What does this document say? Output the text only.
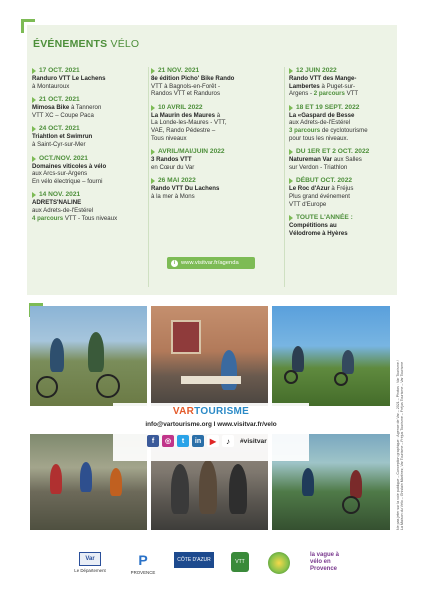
ÉVÉNEMENTS VÉLO
17 OCT. 2021
Randuro VTT Le Lachens
à Montauroux
21 OCT. 2021
Mimosa Bike à Tanneron
VTT XC – Coupe Paca
24 OCT. 2021
Triahtlon et Swimrun
à Saint-Cyr-sur-Mer
OCT./NOV. 2021
Domaines viticoles à vélo
aux Arcs-sur-Argens
En vélo électrique – fourni
14 NOV. 2021
ADRETS'NALINE
aux Adrets-de-l'Estérel
4 parcours VTT - Tous niveaux
21 NOV. 2021
8e édition Picho' Bike Rando
VTT à Bagnols-en-Forêt -
Randos VTT et Randuros
10 AVRIL 2022
La Maurin des Maures à
La Londe-les-Maures - VTT,
VAE, Rando Pédestre –
Tous niveaux
AVRIL/MAI/JUIN 2022
3 Randos VTT
en Cœur du Var
26 MAI 2022
Rando VTT Du Lachens
à la mer à Mons
12 JUIN 2022
Rando VTT des Mange-
Lambertes à Puget-sur-
Argens - 2 parcours VTT
18 ET 19 SEPT. 2022
La «Gaspard de Besse
aux Adrets-de-l'Estérel
3 parcours de cyclotourisme
pour tous les niveaux.
DU 1ER ET 2 OCT. 2022
Natureman Var aux Salles
sur Verdon - Triathlon
DÉBUT OCT. 2022
Le Roc d'Azur à Fréjus
Plus grand événement
VTT d'Europe
TOUTE L'ANNÉE :
Compétitions au
Vélodrome à Hyères
i	www.visitvar.fr/agenda
VARTOURISME
info@vartourisme.org I www.visitvar.fr/velo
f	◎	t	in	▶	♪	#visitvar	Ne pas jeter sur la voie publique – Conception graphique : Agence de Var – 2021 – Photos : Var Tourisme /
La Maison du Vélo – Ghislain Martinez, Var Tourisme – Fréjus Tourisme – Fréjus Tourisme – Var Tourisme
Var
Le Département
P
PROVENCE
CÔTE D'AZUR	VTT
la vague à vélo en Provence
